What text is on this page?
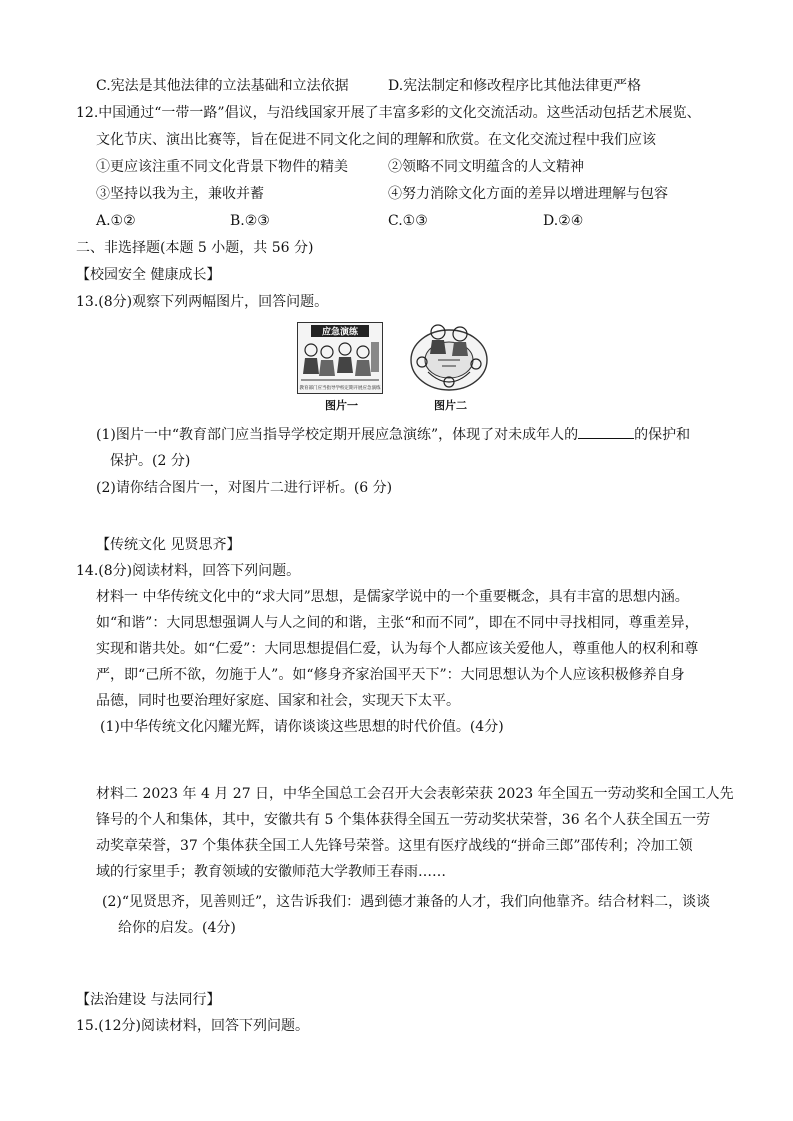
C.宪法是其他法律的立法基础和立法依据	D.宪法制定和修改程序比其他法律更严格
12.中国通过“一带一路”倡议，与沿线国家开展了丰富多彩的文化交流活动。这些活动包括艺术展览、
文化节庆、演出比赛等，旨在促进不同文化之间的理解和欣赏。在文化交流过程中我们应该
①更应该注重不同文化背景下物件的精美	②领略不同文明蕴含的人文精神
③坚持以我为主，兼收并蓄	④努力消除文化方面的差异以增进理解与包容
A.①②	B.②③	C.①③	D.②④
二、非选择题(本题 5 小题，共 56 分)
【校园安全 健康成长】
13.(8分)观察下列两幅图片，回答问题。
应急演练
教育部门应当指导学校定期开展应急演练
图片一	图片二
(1)图片一中“教育部门应当指导学校定期开展应急演练”，体现了对未成年人的	的保护和
保护。(2 分)
(2)请你结合图片一，对图片二进行评析。(6 分)
【传统文化 见贤思齐】
14.(8分)阅读材料，回答下列问题。
材料一 中华传统文化中的“求大同”思想，是儒家学说中的一个重要概念，具有丰富的思想内涵。
如“和谐”：大同思想强调人与人之间的和谐，主张“和而不同”，即在不同中寻找相同，尊重差异，
实现和谐共处。如“仁爱”：大同思想提倡仁爱，认为每个人都应该关爱他人，尊重他人的权利和尊
严，即“己所不欲，勿施于人”。如“修身齐家治国平天下”：大同思想认为个人应该积极修养自身
品德，同时也要治理好家庭、国家和社会，实现天下太平。
(1)中华传统文化闪耀光辉，请你谈谈这些思想的时代价值。(4分)
材料二 2023 年 4 月 27 日，中华全国总工会召开大会表彰荣获 2023 年全国五一劳动奖和全国工人先
锋号的个人和集体，其中，安徽共有 5 个集体获得全国五一劳动奖状荣誉，36 名个人获全国五一劳
动奖章荣誉，37 个集体获全国工人先锋号荣誉。这里有医疗战线的“拼命三郎”邵传利；冷加工领
域的行家里手；教育领域的安徽师范大学教师王春雨……
(2)“见贤思齐，见善则迁”，这告诉我们：遇到德才兼备的人才，我们向他靠齐。结合材料二，谈谈
给你的启发。(4分)
【法治建设 与法同行】
15.(12分)阅读材料，回答下列问题。
